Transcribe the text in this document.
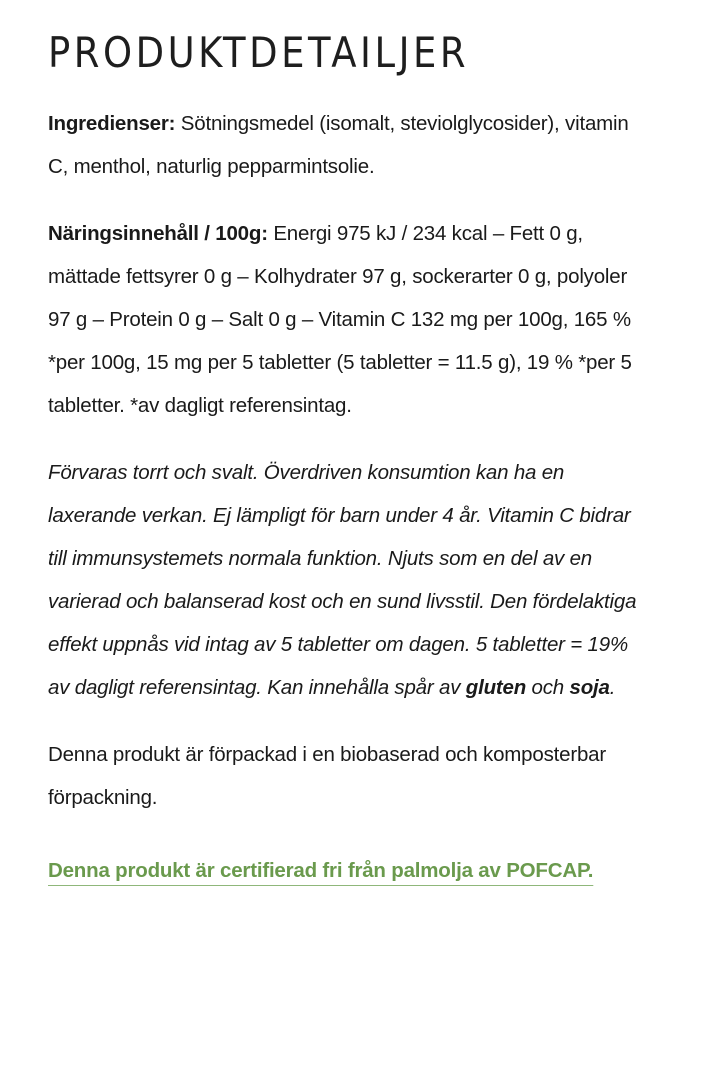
PRODUKTDETAILJER

Ingredienser: Sötningsmedel (isomalt, steviolglycosider), vitamin C, menthol, naturlig pepparmintsolie.

Näringsinnehåll / 100g: Energi 975 kJ / 234 kcal – Fett 0 g, mättade fettsyrer 0 g – Kolhydrater 97 g, sockerarter 0 g, polyoler 97 g – Protein 0 g – Salt 0 g – Vitamin C 132 mg per 100g, 165 % *per 100g, 15 mg per 5 tabletter (5 tabletter = 11.5 g), 19 % *per 5 tabletter. *av dagligt referensintag.

Förvaras torrt och svalt. Överdriven konsumtion kan ha en laxerande verkan. Ej lämpligt för barn under 4 år. Vitamin C bidrar till immunsystemets normala funktion. Njuts som en del av en varierad och balanserad kost och en sund livsstil. Den fördelaktiga effekt uppnås vid intag av 5 tabletter om dagen. 5 tabletter = 19% av dagligt referensintag. Kan innehålla spår av gluten och soja.

Denna produkt är förpackad i en biobaserad och komposterbar förpackning.

Denna produkt är certifierad fri från palmolja av POFCAP.
